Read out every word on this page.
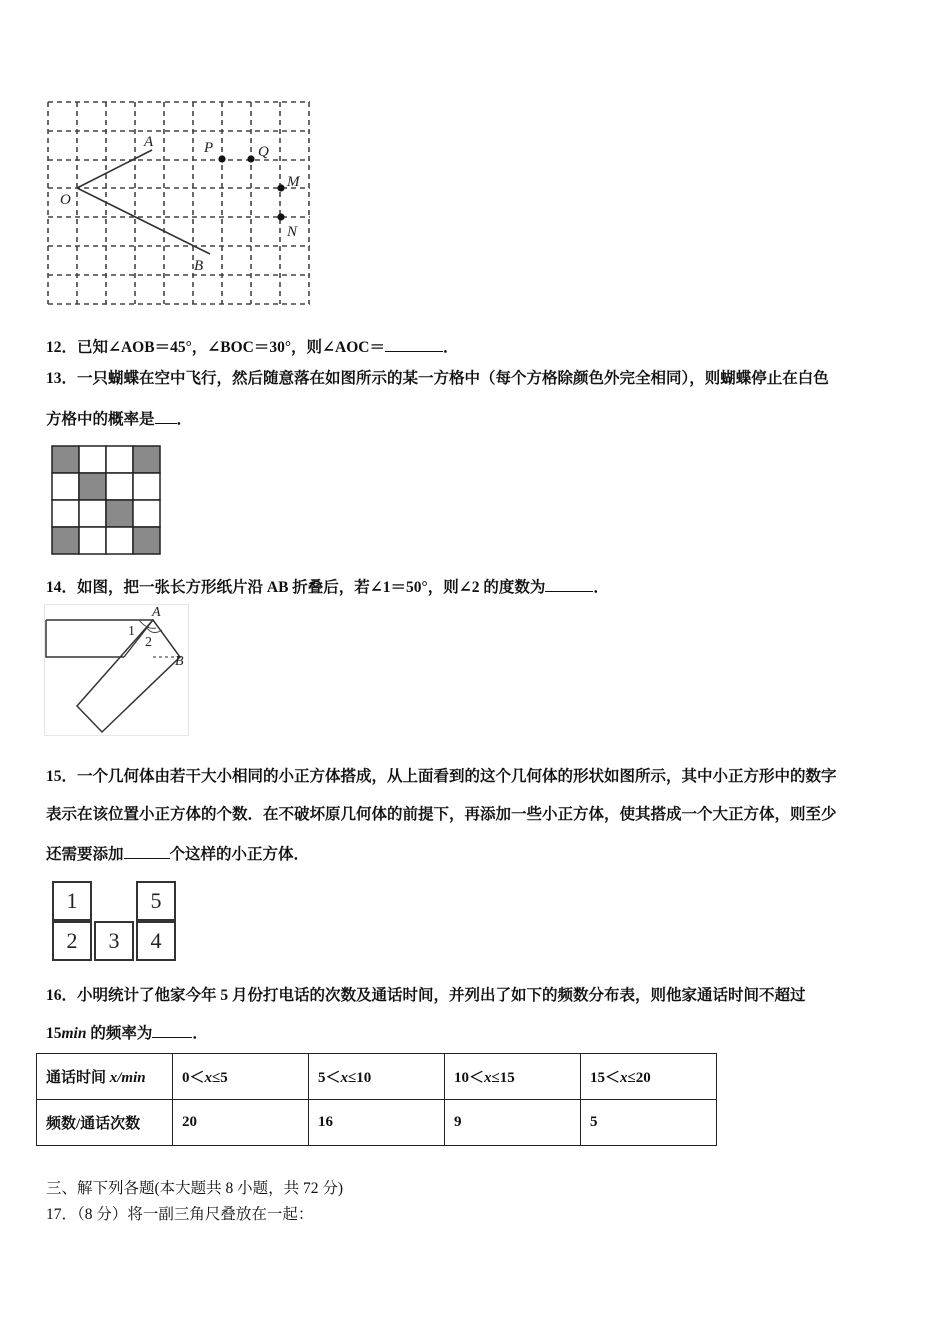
A
O
B
P	Q
M
N
12．已知∠AOB＝45°，∠BOC＝30°，则∠AOC＝	．
13．一只蝴蝶在空中飞行，然后随意落在如图所示的某一方格中（每个方格除颜色外完全相同），则蝴蝶停止在白色
方格中的概率是 ．
14．如图，把一张长方形纸片沿 AB 折叠后，若∠1＝50°，则∠2 的度数为	．
A
B
1
2
15．一个几何体由若干大小相同的小正方体搭成，从上面看到的这个几何体的形状如图所示，其中小正方形中的数字
表示在该位置小正方体的个数．在不破坏原几何体的前提下，再添加一些小正方体，使其搭成一个大正方体，则至少
还需要添加	个这样的小正方体．
1	5
2	3	4
16．小明统计了他家今年 5 月份打电话的次数及通话时间，并列出了如下的频数分布表，则他家通话时间不超过
15min 的频率为	．
通话时间 x/min	0＜x≤5	5＜x≤10	10＜x≤15	15＜x≤20
频数/通话次数	20	16	9	5
三、解下列各题(本大题共 8 小题，共 72 分)
17．（8 分）将一副三角尺叠放在一起：
